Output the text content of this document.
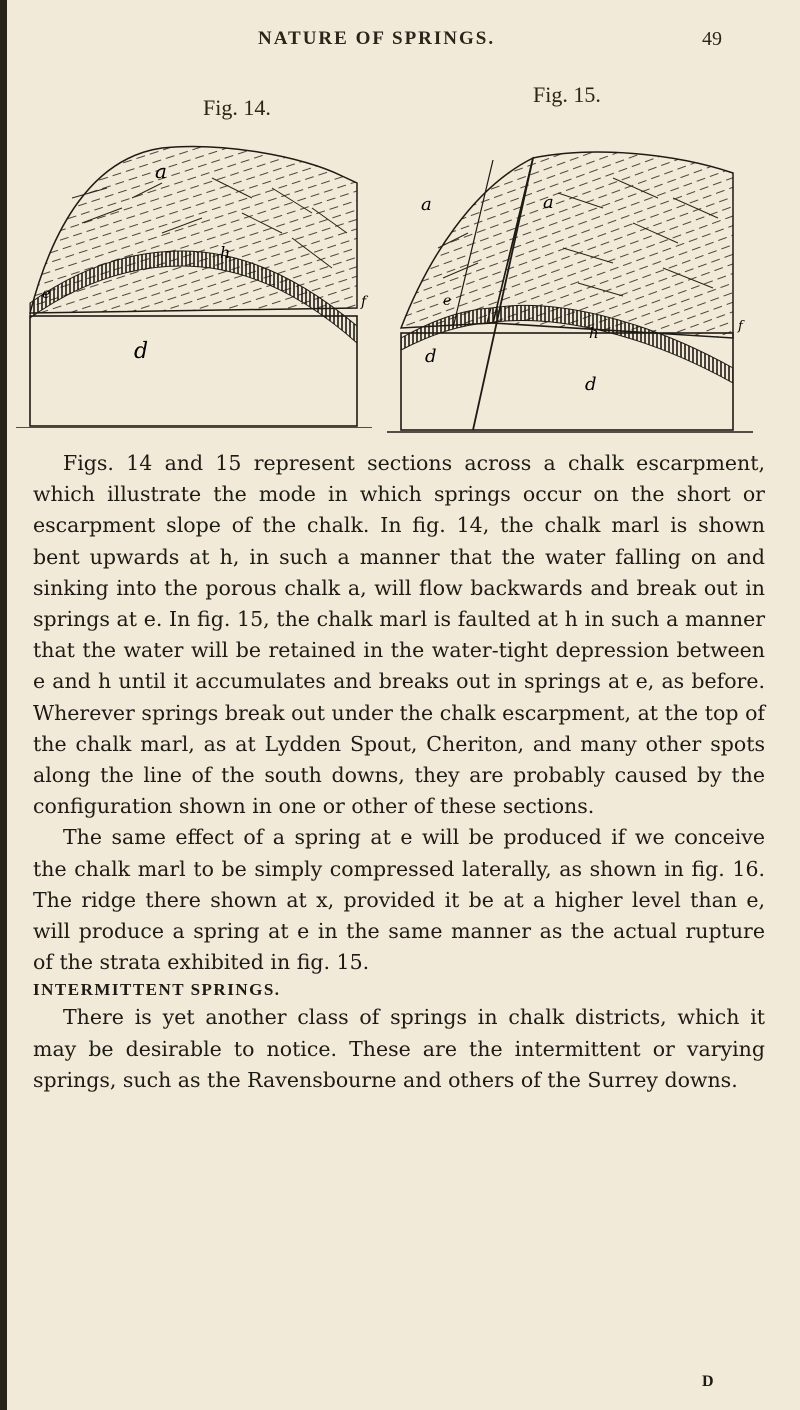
NATURE OF SPRINGS.	49
Fig. 14.
Fig. 15.
a
h
e
d
f
a	a
e
h
d
d
f

Figs. 14 and 15 represent sections across a chalk escarpment, which illustrate the mode in which springs occur on the short or escarpment slope of the chalk. In fig. 14, the chalk marl is shown bent upwards at h, in such a manner that the water falling on and sinking into the porous chalk a, will flow backwards and break out in springs at e. In fig. 15, the chalk marl is faulted at h in such a manner that the water will be retained in the water-tight depression between e and h until it accumulates and breaks out in springs at e, as before. Wherever springs break out under the chalk escarpment, at the top of the chalk marl, as at Lydden Spout, Cheriton, and many other spots along the line of the south downs, they are probably caused by the configuration shown in one or other of these sections.

The same effect of a spring at e will be produced if we conceive the chalk marl to be simply compressed laterally, as shown in fig. 16. The ridge there shown at x, provided it be at a higher level than e, will produce a spring at e in the same manner as the actual rupture of the strata exhibited in fig. 15.

INTERMITTENT SPRINGS.

There is yet another class of springs in chalk districts, which it may be desirable to notice. These are the intermittent or varying springs, such as the Ravensbourne and others of the Surrey downs.

D
